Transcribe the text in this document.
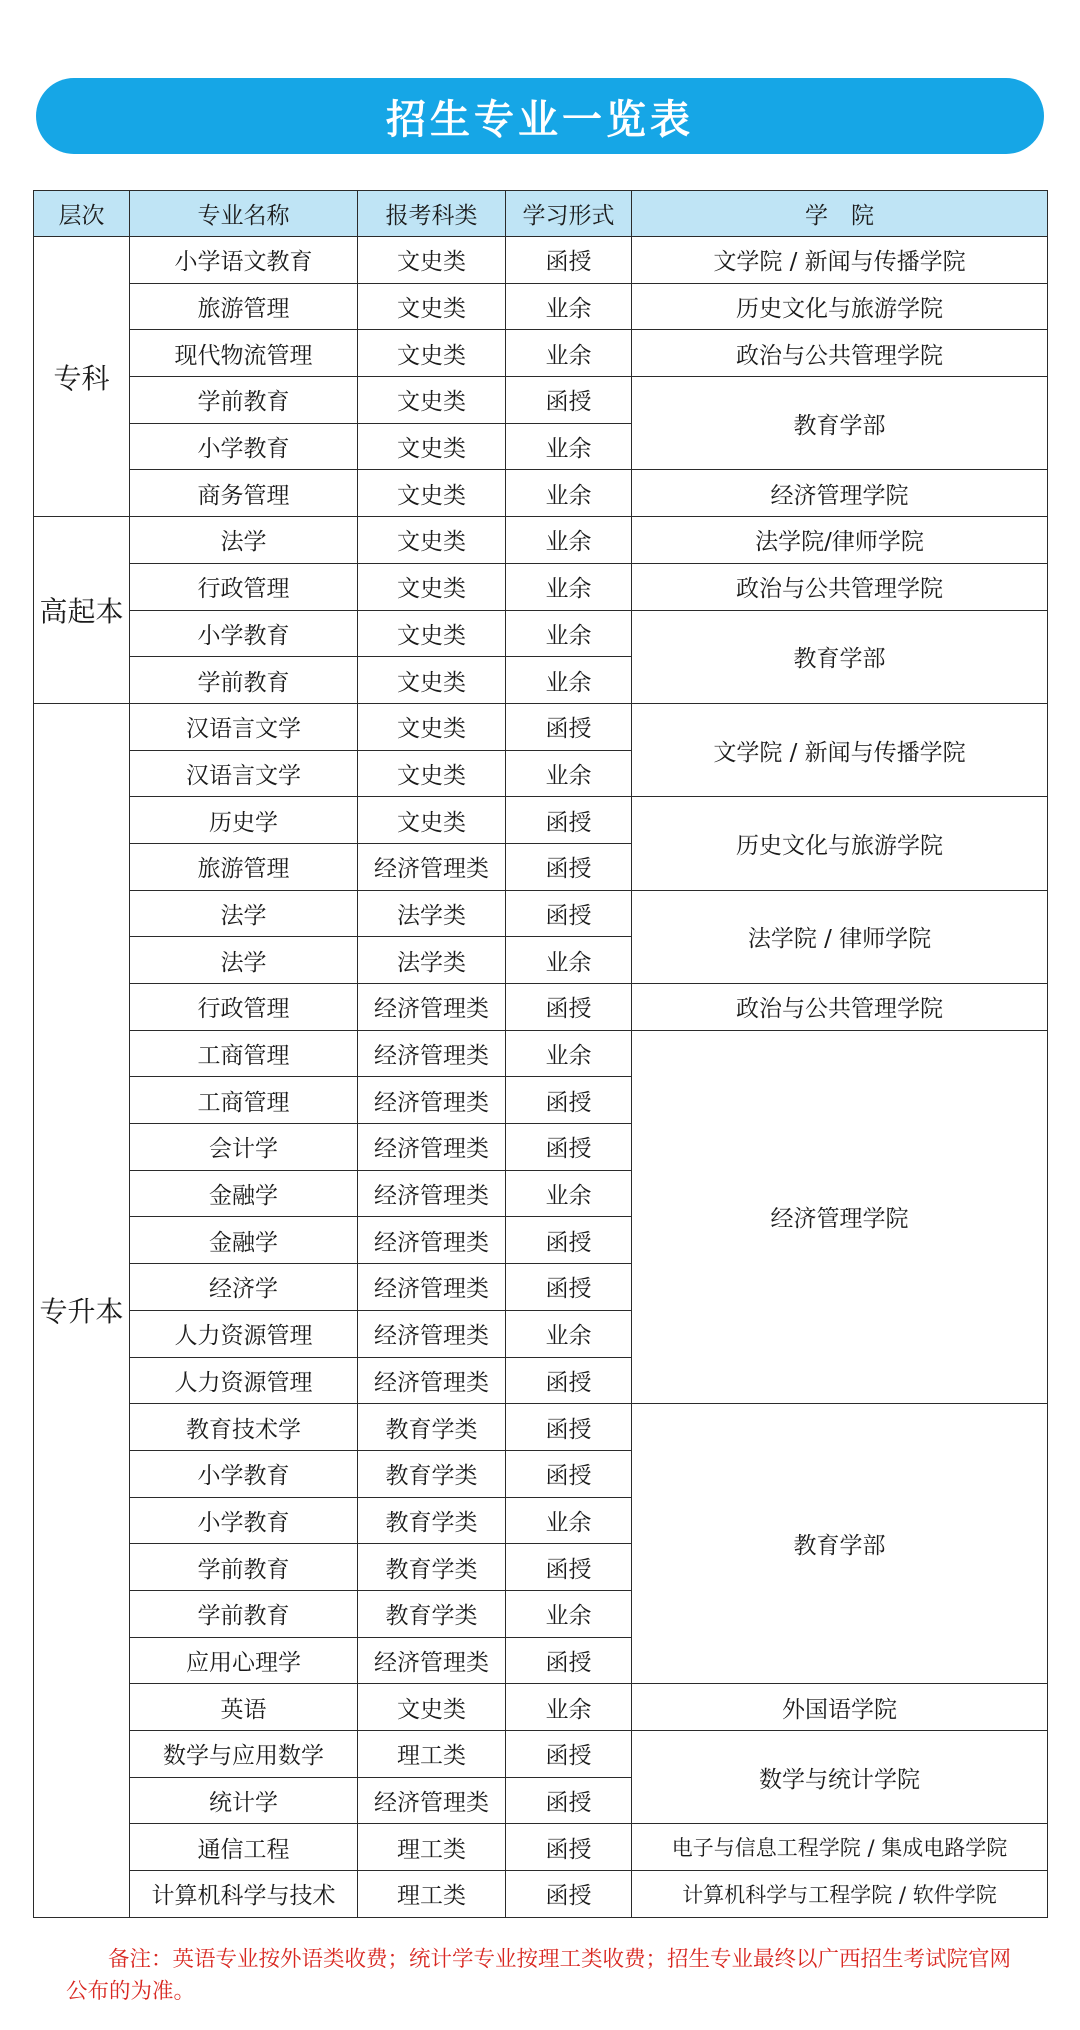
招生专业一览表
层次	专业名称	报考科类	学习形式	学　院
专科	小学语文教育	文史类	函授	文学院 / 新闻与传播学院
	旅游管理	文史类	业余	历史文化与旅游学院
	现代物流管理	文史类	业余	政治与公共管理学院
	学前教育	文史类	函授	教育学部
	小学教育	文史类	业余	
	商务管理	文史类	业余	经济管理学院
高起本	法学	文史类	业余	法学院/律师学院
	行政管理	文史类	业余	政治与公共管理学院
	小学教育	文史类	业余	教育学部
	学前教育	文史类	业余	
专升本	汉语言文学	文史类	函授	文学院 / 新闻与传播学院
	汉语言文学	文史类	业余	
	历史学	文史类	函授	历史文化与旅游学院
	旅游管理	经济管理类	函授	
	法学	法学类	函授	法学院 / 律师学院
	法学	法学类	业余	
	行政管理	经济管理类	函授	政治与公共管理学院
	工商管理	经济管理类	业余	经济管理学院
	工商管理	经济管理类	函授	
	会计学	经济管理类	函授	
	金融学	经济管理类	业余	
	金融学	经济管理类	函授	
	经济学	经济管理类	函授	
	人力资源管理	经济管理类	业余	
	人力资源管理	经济管理类	函授	
	教育技术学	教育学类	函授	教育学部
	小学教育	教育学类	函授	
	小学教育	教育学类	业余	
	学前教育	教育学类	函授	
	学前教育	教育学类	业余	
	应用心理学	经济管理类	函授	
	英语	文史类	业余	外国语学院
	数学与应用数学	理工类	函授	数学与统计学院
	统计学	经济管理类	函授	
	通信工程	理工类	函授	电子与信息工程学院 / 集成电路学院
	计算机科学与技术	理工类	函授	计算机科学与工程学院 / 软件学院
备注：英语专业按外语类收费；统计学专业按理工类收费；招生专业最终以广西招生考试院官网公布的为准。
